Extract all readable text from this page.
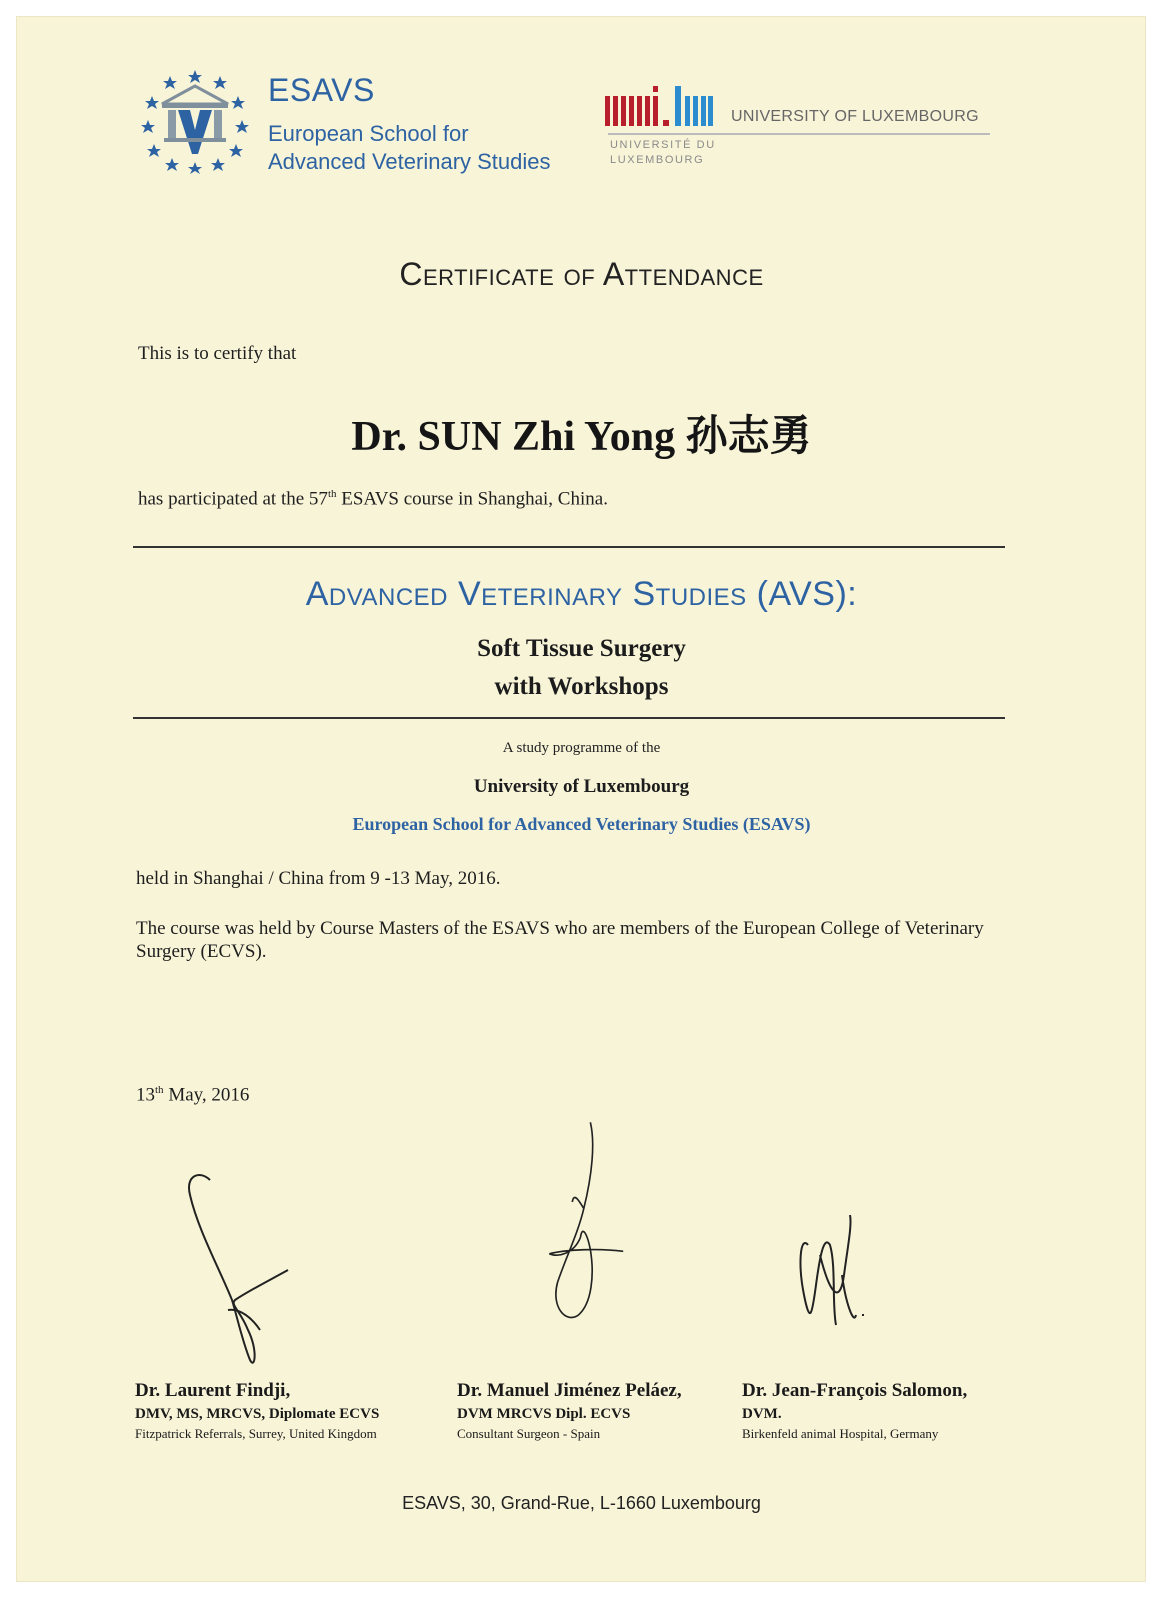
ESAVS
European School for
Advanced Veterinary Studies
UNIVERSITY OF LUXEMBOURG
UNIVERSITÉ DU
LUXEMBOURG
Certificate of Attendance
This is to certify that
Dr. SUN Zhi Yong 孙志勇
has participated at the 57th ESAVS course in Shanghai, China.
Advanced Veterinary Studies (AVS):
Soft Tissue Surgery
with Workshops
A study programme of the
University of Luxembourg
European School for Advanced Veterinary Studies (ESAVS)
held in Shanghai / China from 9 -13 May, 2016.
The course was held by Course Masters of the ESAVS who are members of the European College of Veterinary Surgery (ECVS).
13th May, 2016
Dr. Laurent Findji,
DMV, MS, MRCVS, Diplomate ECVS
Fitzpatrick Referrals, Surrey, United Kingdom
Dr. Manuel Jiménez Peláez,
DVM MRCVS Dipl. ECVS
Consultant Surgeon - Spain
Dr. Jean-François Salomon,
DVM.
Birkenfeld animal Hospital, Germany
ESAVS, 30, Grand-Rue, L-1660 Luxembourg
